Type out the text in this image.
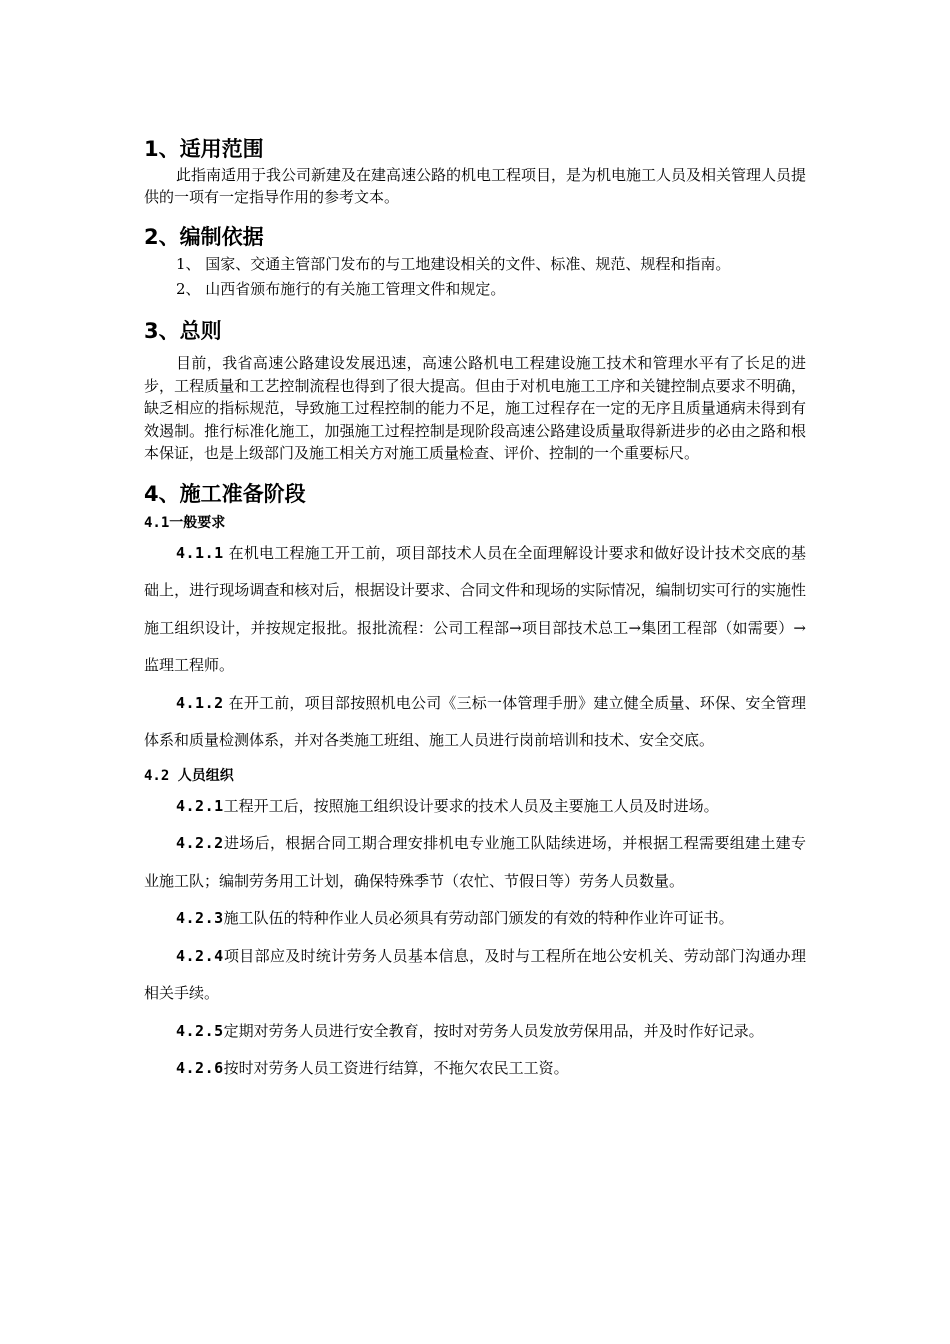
1、适用范围

此指南适用于我公司新建及在建高速公路的机电工程项目，是为机电施工人员及相关管理人员提供的一项有一定指导作用的参考文本。

2、编制依据

1、 国家、交通主管部门发布的与工地建设相关的文件、标准、规范、规程和指南。

2、 山西省颁布施行的有关施工管理文件和规定。

3、总则

目前，我省高速公路建设发展迅速，高速公路机电工程建设施工技术和管理水平有了长足的进步，工程质量和工艺控制流程也得到了很大提高。但由于对机电施工工序和关键控制点要求不明确，缺乏相应的指标规范，导致施工过程控制的能力不足，施工过程存在一定的无序且质量通病未得到有效遏制。推行标准化施工，加强施工过程控制是现阶段高速公路建设质量取得新进步的必由之路和根本保证，也是上级部门及施工相关方对施工质量检查、评价、控制的一个重要标尺。

4、施工准备阶段
4.1一般要求

4.1.1 在机电工程施工开工前，项目部技术人员在全面理解设计要求和做好设计技术交底的基础上，进行现场调查和核对后，根据设计要求、合同文件和现场的实际情况，编制切实可行的实施性施工组织设计，并按规定报批。报批流程：公司工程部→项目部技术总工→集团工程部（如需要）→监理工程师。

4.1.2 在开工前，项目部按照机电公司《三标一体管理手册》建立健全质量、环保、安全管理体系和质量检测体系，并对各类施工班组、施工人员进行岗前培训和技术、安全交底。

4.2 人员组织

4.2.1工程开工后，按照施工组织设计要求的技术人员及主要施工人员及时进场。

4.2.2进场后，根据合同工期合理安排机电专业施工队陆续进场，并根据工程需要组建土建专业施工队；编制劳务用工计划，确保特殊季节（农忙、节假日等）劳务人员数量。

4.2.3施工队伍的特种作业人员必须具有劳动部门颁发的有效的特种作业许可证书。

4.2.4项目部应及时统计劳务人员基本信息，及时与工程所在地公安机关、劳动部门沟通办理相关手续。

4.2.5定期对劳务人员进行安全教育，按时对劳务人员发放劳保用品，并及时作好记录。

4.2.6按时对劳务人员工资进行结算，不拖欠农民工工资。
